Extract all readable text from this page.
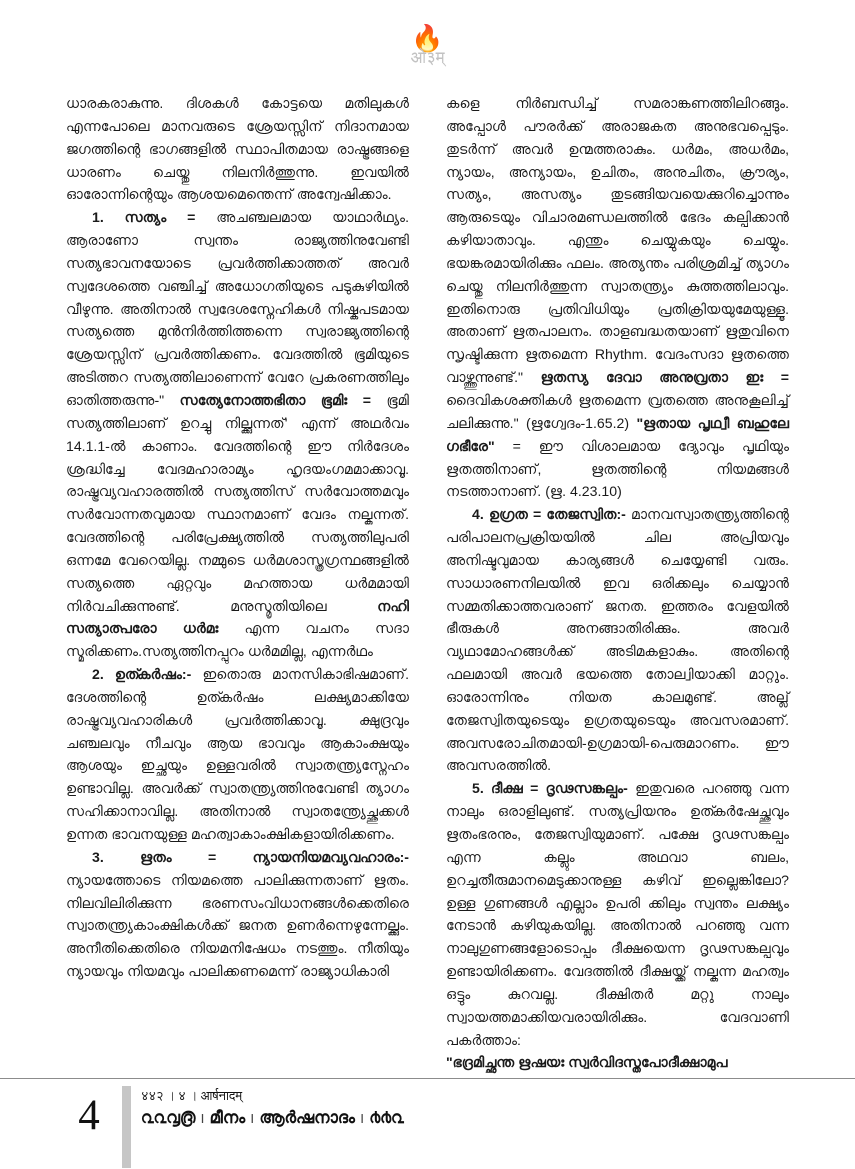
🔥
ओ३म्

ധാരകരാകുന്നു. ദിശകൾ കോട്ടയെ മതിലുകൾ എന്നപോലെ മാനവരുടെ ശ്രേയസ്സിന് നിദാനമായ ജഗത്തിന്റെ ഭാഗങ്ങളിൽ സ്ഥാപിതമായ രാഷ്ട്രങ്ങളെ ധാരണം ചെയ്തു നിലനിർത്തുന്നു. ഇവയിൽ ഓരോന്നിന്റെയും ആശയമെന്തെന്ന് അന്വേഷിക്കാം.

1. സത്യം = അചഞ്ചലമായ യാഥാർഥ്യം. ആരാണോ സ്വന്തം രാജ്യത്തിനുവേണ്ടി സത്യഭാവനയോടെ പ്രവർത്തിക്കാത്തത് അവർ സ്വദേശത്തെ വഞ്ചിച്ച് അധോഗതിയുടെ പടുകുഴിയിൽ വീഴുന്നു. അതിനാൽ സ്വദേശസ്നേഹികൾ നിഷ്കപടമായ സത്യത്തെ മുൻനിർത്തിത്തന്നെ സ്വരാജ്യത്തിന്റെ ശ്രേയസ്സിന് പ്രവർത്തിക്കണം. വേദത്തിൽ ഭൂമിയുടെ അടിത്തറ സത്യത്തിലാണെന്ന് വേറേ പ്രകരണത്തിലും ഓതിത്തരുന്നു-" സത്യേനോത്തഭിതാ ഭൂമിഃ = ഭൂമി സത്യത്തിലാണ് ഉറച്ചു നില്ക്കുന്നത്' എന്ന് അഥർവം 14.1.1-ൽ കാണാം. വേദത്തിന്റെ ഈ നിർദേശം ശ്രദ്ധിച്ചേ വേദമഹാരാമ്യം ഹൃദയംഗമമാക്കാവൂ. രാഷ്ട്രവ്യവഹാരത്തിൽ സത്യത്തിസ് സർവോത്തമവും സർവോന്നതവുമായ സ്ഥാനമാണ് വേദം നല്കുന്നത്. വേദത്തിന്റെ പരിപ്രേക്ഷ്യത്തിൽ സത്യത്തിലുപരി ഒന്നമേ വേറെയില്ല. നമ്മുടെ ധർമശാസ്ത്രഗ്രന്ഥങ്ങളിൽ സത്യത്തെ ഏറ്റവും മഹത്തായ ധർമമായി നിർവചിക്കുന്നുണ്ട്. മനുസ്മൃതിയിലെ നഹി സത്യാത്പരോ ധർമഃ എന്ന വചനം സദാ സ്മരിക്കണം.സത്യത്തിനപ്പുറം ധർമമില്ല, എന്നർഥം

2. ഉത്കർഷം:- ഇതൊരു മാനസികാഭിഷമാണ്. ദേശത്തിന്റെ ഉത്കർഷം ലക്ഷ്യമാക്കിയേ രാഷ്ട്രവ്യവഹാരികൾ പ്രവർത്തിക്കാവൂ. ക്ഷുദ്രവും ചഞ്ചലവും നീചവും ആയ ഭാവവും ആകാംക്ഷയും ആശയും ഇച്ഛയും ഉള്ളവരിൽ സ്വാതന്ത്ര്യസ്നേഹം ഉണ്ടാവില്ല. അവർക്ക് സ്വാതന്ത്ര്യത്തിനുവേണ്ടി ത്യാഗം സഹിക്കാനാവില്ല. അതിനാൽ സ്വാതന്ത്ര്യേച്ഛുക്കൾ ഉന്നത ഭാവനയുള്ള മഹത്വാകാംക്ഷികളായിരിക്കണം.

3. ഋതം = ന്യായനിയമവ്യവഹാരം:- ന്യായത്തോടെ നിയമത്തെ പാലിക്കുന്നതാണ് ഋതം. നിലവിലിരിക്കുന്ന ഭരണസംവിധാനങ്ങൾക്കെതിരെ സ്വാതന്ത്ര്യകാംക്ഷികൾക്ക് ജനത ഉണർന്നെഴുന്നേല്ക്കും. അനീതിക്കെതിരെ നിയമനിഷേധം നടത്തും. നീതിയും ന്യായവും നിയമവും പാലിക്കണമെന്ന് രാജ്യാധികാരി

കളെ നിർബന്ധിച്ച് സമരാങ്കണത്തിലിറങ്ങും. അപ്പോൾ പൗരർക്ക് അരാജകത അനുഭവപ്പെടും. തുടർന്ന് അവർ ഉന്മത്തരാകും. ധർമം, അധർമം, ന്യായം, അന്യായം, ഉചിതം, അനുചിതം, ക്രൗര്യം, സത്യം, അസത്യം തുടങ്ങിയവയെക്കുറിച്ചൊന്നും ആരുടെയും വിചാരമണ്ഡലത്തിൽ ഭേദം കല്പിക്കാൻ കഴിയാതാവും. എന്തും ചെയ്യുകയും ചെയ്യും. ഭയങ്കരമായിരിക്കും ഫലം. അത്യന്തം പരിശ്രമിച്ച് ത്യാഗം ചെയ്തു നിലനിർത്തുന്ന സ്വാതന്ത്ര്യം കുത്തത്തിലാവും. ഇതിനൊരു പ്രതിവിധിയും പ്രതിക്രിയയുമേയുള്ളൂ. അതാണ് ഋതപാലനം. താളബദ്ധതയാണ് ഋതുവിനെ സൃഷ്ടിക്കുന്ന ഋതമെന്ന Rhythm. വേദംസദാ ഋതത്തെ വാഴ്ത്തുന്നുണ്ട്." ഋതസ്യ ദേവാ അനുവ്രതാ ഇഃ = ദൈവികശക്തികൾ ഋതമെന്ന വ്രതത്തെ അനുകൂലിച്ച് ചലിക്കുന്നു." (ഋഗ്വേദം-1.65.2) "ഋതായ പൃഥ്വീ ബഹുലേ ഗഭീരേ" = ഈ വിശാലമായ ദ്യോവും പൃഥിയും ഋതത്തിനാണ്, ഋതത്തിന്റെ നിയമങ്ങൾ നടത്താനാണ്. (ഋ. 4.23.10)

4. ഉഗ്രത = തേജസ്വിത:- മാനവസ്വാതന്ത്ര്യത്തിന്റെ പരിപാലനപ്രക്രിയയിൽ ചില അപ്രിയവും അനിഷ്ടവുമായ കാര്യങ്ങൾ ചെയ്യേണ്ടി വരും. സാധാരണനിലയിൽ ഇവ ഒരിക്കലും ചെയ്യാൻ സമ്മതിക്കാത്തവരാണ് ജനത. ഇത്തരം വേളയിൽ ഭീരുകൾ അനങ്ങാതിരിക്കും. അവർ വ്യഥാമോഹങ്ങൾക്ക് അടിമകളാകും. അതിന്റെ ഫലമായി അവർ ഭയത്തെ തോല്വിയാക്കി മാറ്റും. ഓരോന്നിനും നിയത കാലമുണ്ട്. അല്ല് തേജസ്വിതയുടെയും ഉഗ്രതയുടെയും അവസരമാണ്. അവസരോചിതമായി-ഉഗ്രമായി-പെരുമാറണം. ഈ അവസരത്തിൽ.

5. ദീക്ഷ = ദൃഢസങ്കല്പം- ഇതുവരെ പറഞ്ഞു വന്ന നാലും ഒരാളിലുണ്ട്. സത്യപ്രിയനും ഉത്കർഷേച്ഛുവും ഋതംഭരനും, തേജസ്വിയുമാണ്. പക്ഷേ ദൃഢസങ്കല്പം എന്ന കല്ലും അഥവാ ബലം, ഉറച്ചതീരുമാനമെടുക്കാനുള്ള കഴിവ് ഇല്ലെങ്കിലോ? ഉള്ള ഗുണങ്ങൾ എല്ലാം ഉപരി ക്കിലും സ്വന്തം ലക്ഷ്യം നേടാൻ കഴിയുകയില്ല. അതിനാൽ പറഞ്ഞു വന്ന നാലുഗുണങ്ങളോടൊപ്പം ദീക്ഷയെന്ന ദൃഢസങ്കല്പവും ഉണ്ടായിരിക്കണം. വേദത്തിൽ ദീക്ഷയ്ക്ക് നല്കുന്ന മഹത്വം ഒട്ടും കുറവല്ല. ദീക്ഷിതർ മറ്റു നാലും സ്വായത്തമാക്കിയവരായിരിക്കും. വേദവാണി പകർത്താം:

"ഭദ്രമിച്ഛന്ത ഋഷയഃ സ്വർവിദസ്തപോദീക്ഷാമുപ

4	४४२ । ४ । आर्षनादम्
൨൨൮൫ । മീനം । ആർഷനാദം । ൪൪൨
